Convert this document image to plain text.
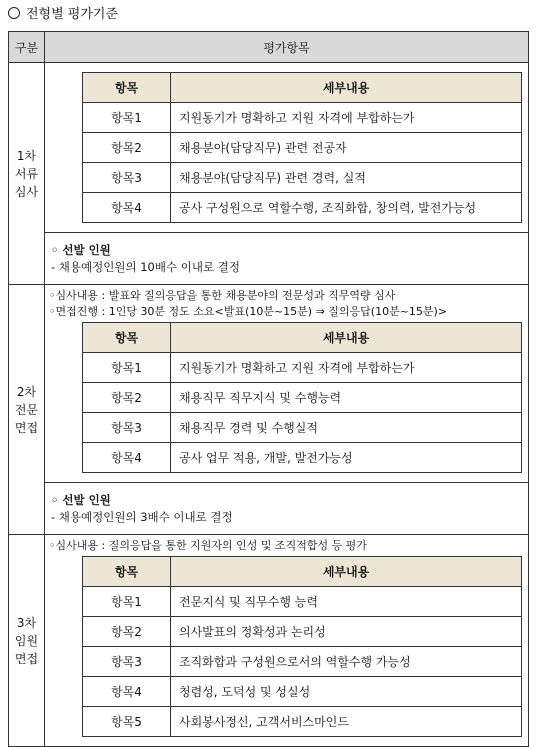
전형별 평가기준
구분	평가항목

1차
서류
심사

항목	세부내용
항목1	지원동기가 명확하고 지원 자격에 부합하는가
항목2	채용분야(담당직무) 관련 전공자
항목3	채용분야(담당직무) 관련 경력, 실적
항목4	공사 구성원으로 역할수행, 조직화합, 창의력, 발전가능성
◦ 선발 인원
- 채용예정인원의 10배수 이내로 결정

2차
전문
면접

◦심사내용 : 발표와 질의응답을 통한 채용분야의 전문성과 직무역량 심사
◦면접진행 : 1인당 30분 정도 소요<발표(10분~15분) ⇒ 질의응답(10분~15분)>
항목	세부내용
항목1	지원동기가 명확하고 지원 자격에 부합하는가
항목2	채용직무 직무지식 및 수행능력
항목3	채용직무 경력 및 수행실적
항목4	공사 업무 적용, 개발, 발전가능성
◦ 선발 인원
- 채용예정인원의 3배수 이내로 결정

3차
임원
면접

◦심사내용 : 질의응답을 통한 지원자의 인성 및 조직적합성 등 평가
항목	세부내용
항목1	전문지식 및 직무수행 능력
항목2	의사발표의 정확성과 논리성
항목3	조직화합과 구성원으로서의 역할수행 가능성
항목4	청렴성, 도덕성 및 성실성
항목5	사회봉사정신, 고객서비스마인드
